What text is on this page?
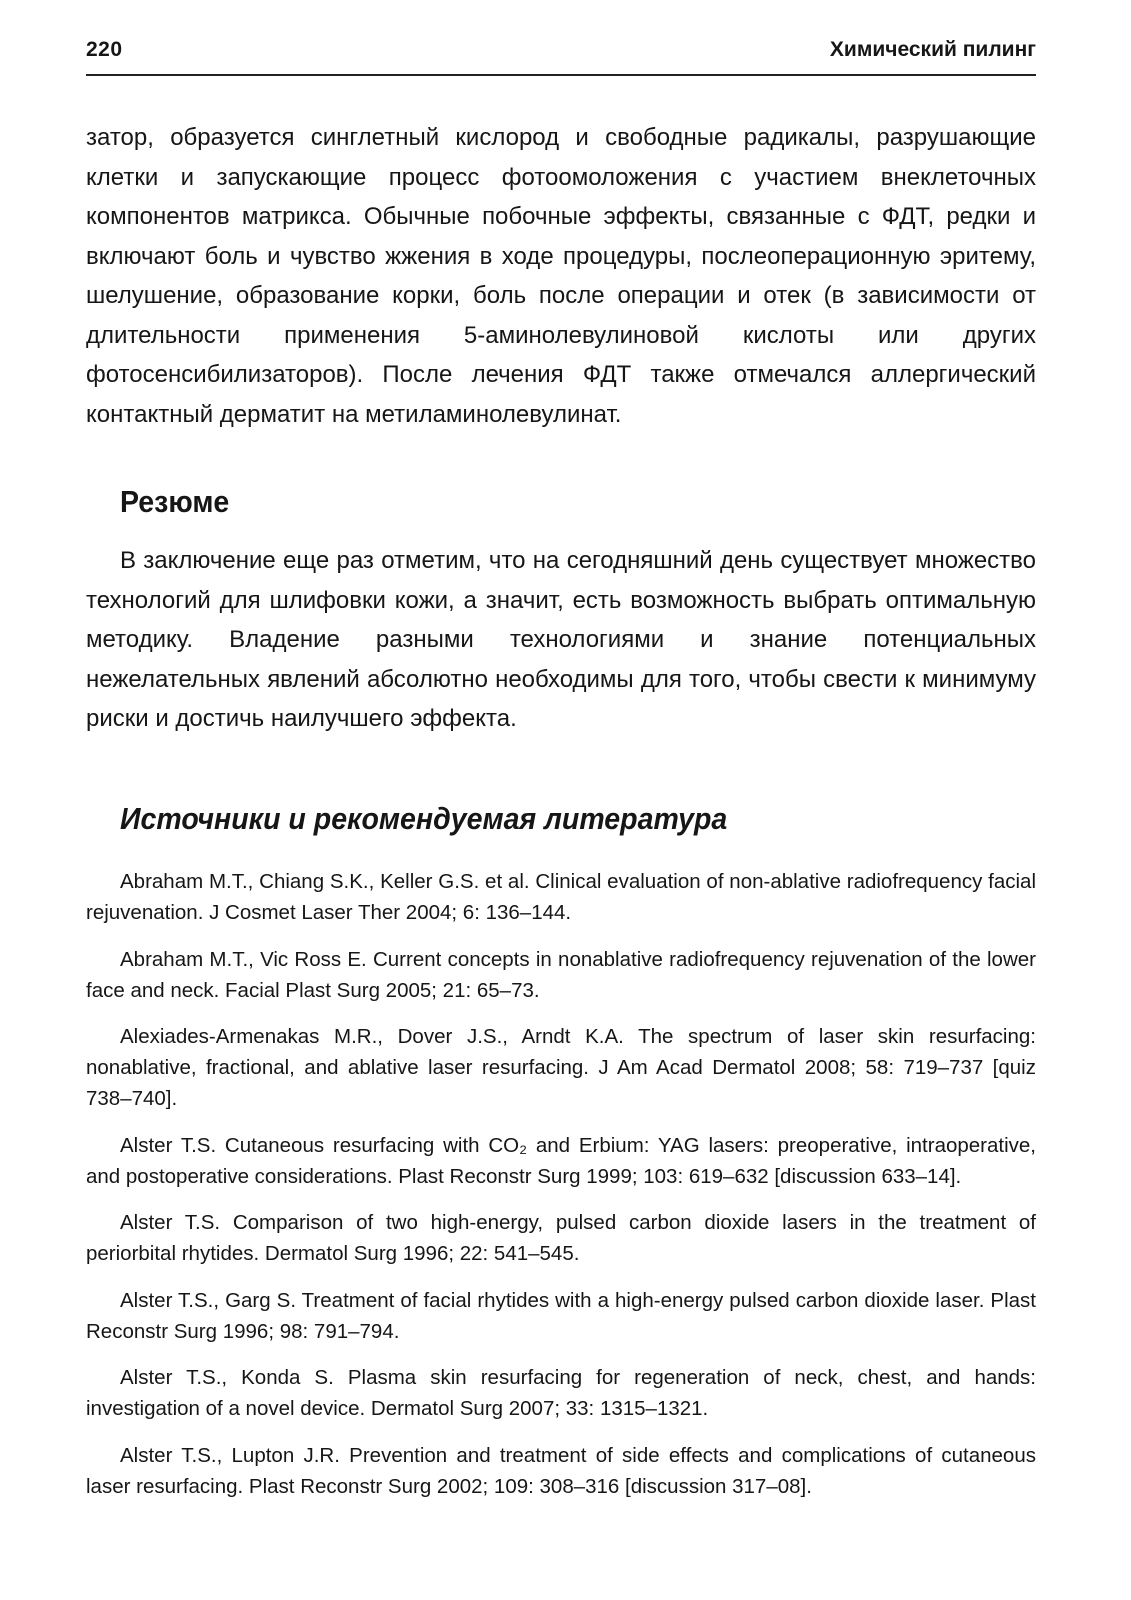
220	Химический пилинг

затор, образуется синглетный кислород и свободные радикалы, разрушающие клетки и запускающие процесс фотоомоложения с участием внеклеточных компонентов матрикса. Обычные побочные эффекты, связанные с ФДТ, редки и включают боль и чувство жжения в ходе процедуры, послеоперационную эритему, шелушение, образование корки, боль после операции и отек (в зависимости от длительности применения 5-аминолевулиновой кислоты или других фотосенсибилизаторов). После лечения ФДТ также отмечался аллергический контактный дерматит на метиламинолевулинат.

Резюме

В заключение еще раз отметим, что на сегодняшний день существует множество технологий для шлифовки кожи, а значит, есть возможность выбрать оптимальную методику. Владение разными технологиями и знание потенциальных нежелательных явлений абсолютно необходимы для того, чтобы свести к минимуму риски и достичь наилучшего эффекта.

Источники и рекомендуемая литература
Abraham M.T., Chiang S.K., Keller G.S. et al. Clinical evaluation of non-ablative radiofrequency facial rejuvenation. J Cosmet Laser Ther 2004; 6: 136–144.
Abraham M.T., Vic Ross E. Current concepts in nonablative radiofrequency rejuvenation of the lower face and neck. Facial Plast Surg 2005; 21: 65–73.
Alexiades-Armenakas M.R., Dover J.S., Arndt K.A. The spectrum of laser skin resurfacing: nonablative, fractional, and ablative laser resurfacing. J Am Acad Dermatol 2008; 58: 719–737 [quiz 738–740].
Alster T.S. Cutaneous resurfacing with CO₂ and Erbium: YAG lasers: preoperative, intraoperative, and postoperative considerations. Plast Reconstr Surg 1999; 103: 619–632 [discussion 633–14].
Alster T.S. Comparison of two high-energy, pulsed carbon dioxide lasers in the treatment of periorbital rhytides. Dermatol Surg 1996; 22: 541–545.
Alster T.S., Garg S. Treatment of facial rhytides with a high-energy pulsed carbon dioxide laser. Plast Reconstr Surg 1996; 98: 791–794.
Alster T.S., Konda S. Plasma skin resurfacing for regeneration of neck, chest, and hands: investigation of a novel device. Dermatol Surg 2007; 33: 1315–1321.
Alster T.S., Lupton J.R. Prevention and treatment of side effects and complications of cutaneous laser resurfacing. Plast Reconstr Surg 2002; 109: 308–316 [discussion 317–08].
